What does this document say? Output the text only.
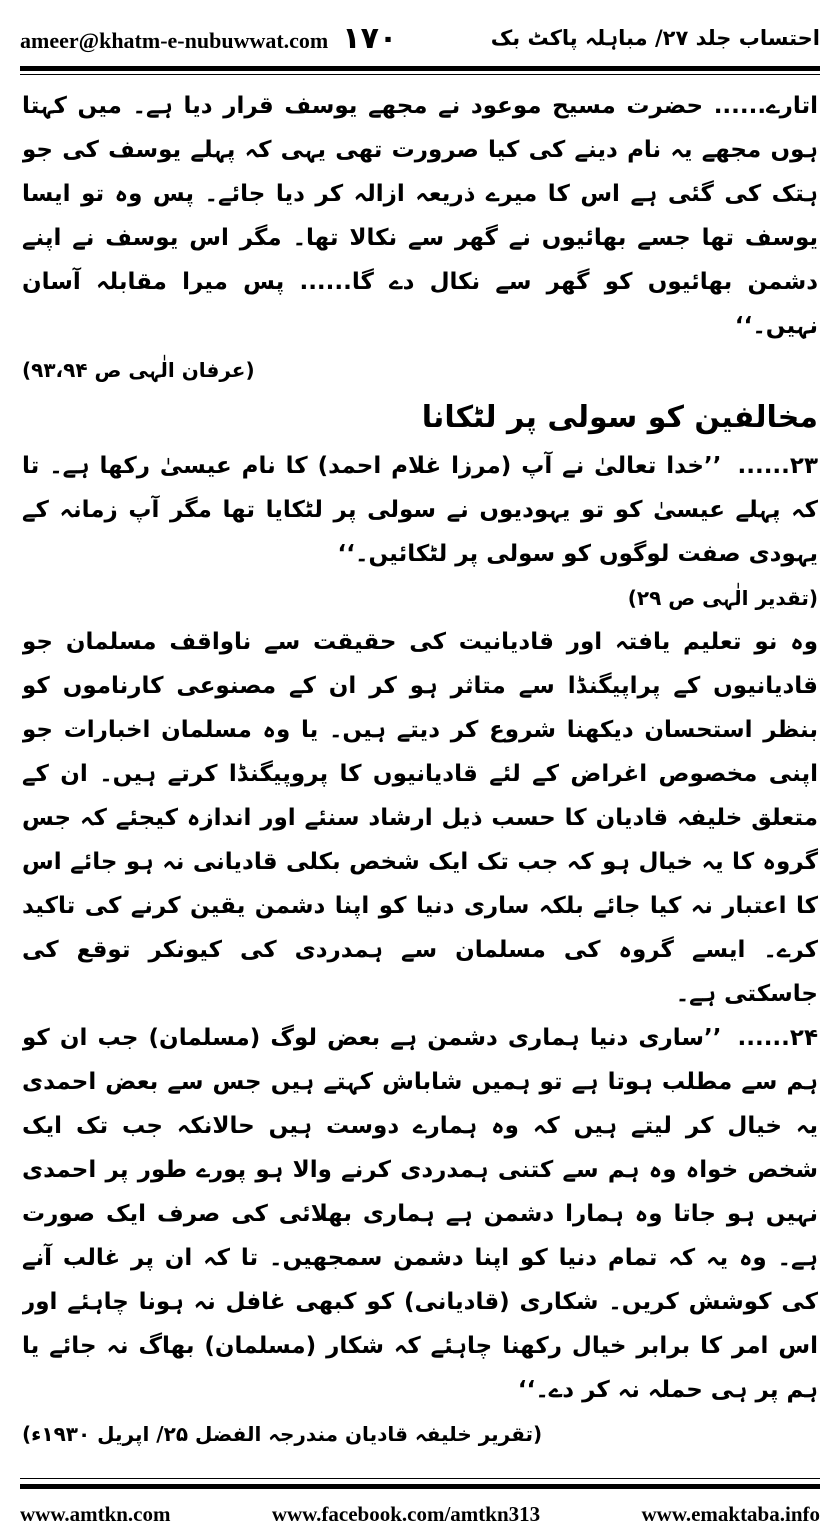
ameer@khatm-e-nubuwwat.com ۱۷۰	احتساب جلد ۲۷/ مباہلہ پاکٹ بک

اتارے...... حضرت مسیح موعود نے مجھے یوسف قرار دیا ہے۔ میں کہتا ہوں مجھے یہ نام دینے کی کیا صرورت تھی یہی کہ پہلے یوسف کی جو ہتک کی گئی ہے اس کا میرے ذریعہ ازالہ کر دیا جائے۔ پس وہ تو ایسا یوسف تھا جسے بھائیوں نے گھر سے نکالا تھا۔ مگر اس یوسف نے اپنے دشمن بھائیوں کو گھر سے نکال دے گا...... پس میرا مقابلہ آسان نہیں۔‘‘

(عرفان الٰہی ص ۹۳،۹۴)

مخالفین کو سولی پر لٹکانا

۲۳......’’خدا تعالیٰ نے آپ (مرزا غلام احمد) کا نام عیسیٰ رکھا ہے۔ تا کہ پہلے عیسیٰ کو تو یہودیوں نے سولی پر لٹکایا تھا مگر آپ زمانہ کے یہودی صفت لوگوں کو سولی پر لٹکائیں۔‘‘

(تقدیر الٰہی ص ۲۹)

وہ نو تعلیم یافتہ اور قادیانیت کی حقیقت سے ناواقف مسلمان جو قادیانیوں کے پراپیگنڈا سے متاثر ہو کر ان کے مصنوعی کارناموں کو بنظر استحسان دیکھنا شروع کر دیتے ہیں۔ یا وہ مسلمان اخبارات جو اپنی مخصوص اغراض کے لئے قادیانیوں کا پروپیگنڈا کرتے ہیں۔ ان کے متعلق خلیفہ قادیان کا حسب ذیل ارشاد سنئے اور اندازہ کیجئے کہ جس گروہ کا یہ خیال ہو کہ جب تک ایک شخص بکلی قادیانی نہ ہو جائے اس کا اعتبار نہ کیا جائے بلکہ ساری دنیا کو اپنا دشمن یقین کرنے کی تاکید کرے۔ ایسے گروہ کی مسلمان سے ہمدردی کی کیونکر توقع کی جاسکتی ہے۔

۲۴......’’ساری دنیا ہماری دشمن ہے بعض لوگ (مسلمان) جب ان کو ہم سے مطلب ہوتا ہے تو ہمیں شاباش کہتے ہیں جس سے بعض احمدی یہ خیال کر لیتے ہیں کہ وہ ہمارے دوست ہیں حالانکہ جب تک ایک شخص خواہ وہ ہم سے کتنی ہمدردی کرنے والا ہو پورے طور پر احمدی نہیں ہو جاتا وہ ہمارا دشمن ہے ہماری بھلائی کی صرف ایک صورت ہے۔ وہ یہ کہ تمام دنیا کو اپنا دشمن سمجھیں۔ تا کہ ان پر غالب آنے کی کوشش کریں۔ شکاری (قادیانی) کو کبھی غافل نہ ہونا چاہئے اور اس امر کا برابر خیال رکھنا چاہئے کہ شکار (مسلمان) بھاگ نہ جائے یا ہم پر ہی حملہ نہ کر دے۔‘‘

(تقریر خلیفہ قادیان مندرجہ الفضل ۲۵/ اپریل ۱۹۳۰ء)

www.amtkn.com	www.facebook.com/amtkn313	www.emaktaba.info
